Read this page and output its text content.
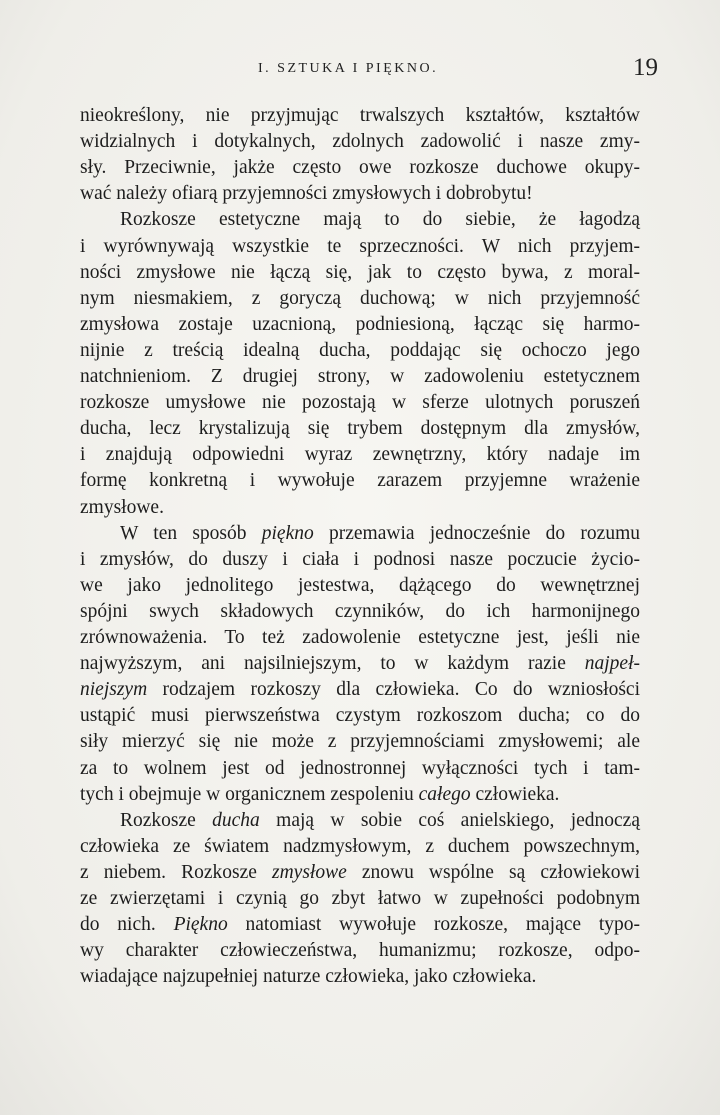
I. SZTUKA I PIĘKNO.	19
nieokreślony, nie przyjmując trwalszych kształtów, kształtów
widzialnych i dotykalnych, zdolnych zadowolić i nasze zmy-
sły. Przeciwnie, jakże często owe rozkosze duchowe okupy-
wać należy ofiarą przyjemności zmysłowych i dobrobytu!
Rozkosze estetyczne mają to do siebie, że łagodzą
i wyrównywają wszystkie te sprzeczności. W nich przyjem-
ności zmysłowe nie łączą się, jak to często bywa, z moral-
nym niesmakiem, z goryczą duchową; w nich przyjemność
zmysłowa zostaje uzacnioną, podniesioną, łącząc się harmo-
nijnie z treścią idealną ducha, poddając się ochoczo jego
natchnieniom. Z drugiej strony, w zadowoleniu estetycznem
rozkosze umysłowe nie pozostają w sferze ulotnych poruszeń
ducha, lecz krystalizują się trybem dostępnym dla zmysłów,
i znajdują odpowiedni wyraz zewnętrzny, który nadaje im
formę konkretną i wywołuje zarazem przyjemne wrażenie
zmysłowe.
W ten sposób piękno przemawia jednocześnie do rozumu
i zmysłów, do duszy i ciała i podnosi nasze poczucie życio-
we jako jednolitego jestestwa, dążącego do wewnętrznej
spójni swych składowych czynników, do ich harmonijnego
zrównoważenia. To też zadowolenie estetyczne jest, jeśli nie
najwyższym, ani najsilniejszym, to w każdym razie najpeł-
niejszym rodzajem rozkoszy dla człowieka. Co do wzniosłości
ustąpić musi pierwszeństwa czystym rozkoszom ducha; co do
siły mierzyć się nie może z przyjemnościami zmysłowemi; ale
za to wolnem jest od jednostronnej wyłączności tych i tam-
tych i obejmuje w organicznem zespoleniu całego człowieka.
Rozkosze ducha mają w sobie coś anielskiego, jednoczą
człowieka ze światem nadzmysłowym, z duchem powszechnym,
z niebem. Rozkosze zmysłowe znowu wspólne są człowiekowi
ze zwierzętami i czynią go zbyt łatwo w zupełności podobnym
do nich. Piękno natomiast wywołuje rozkosze, mające typo-
wy charakter człowieczeństwa, humanizmu; rozkosze, odpo-
wiadające najzupełniej naturze człowieka, jako człowieka.
